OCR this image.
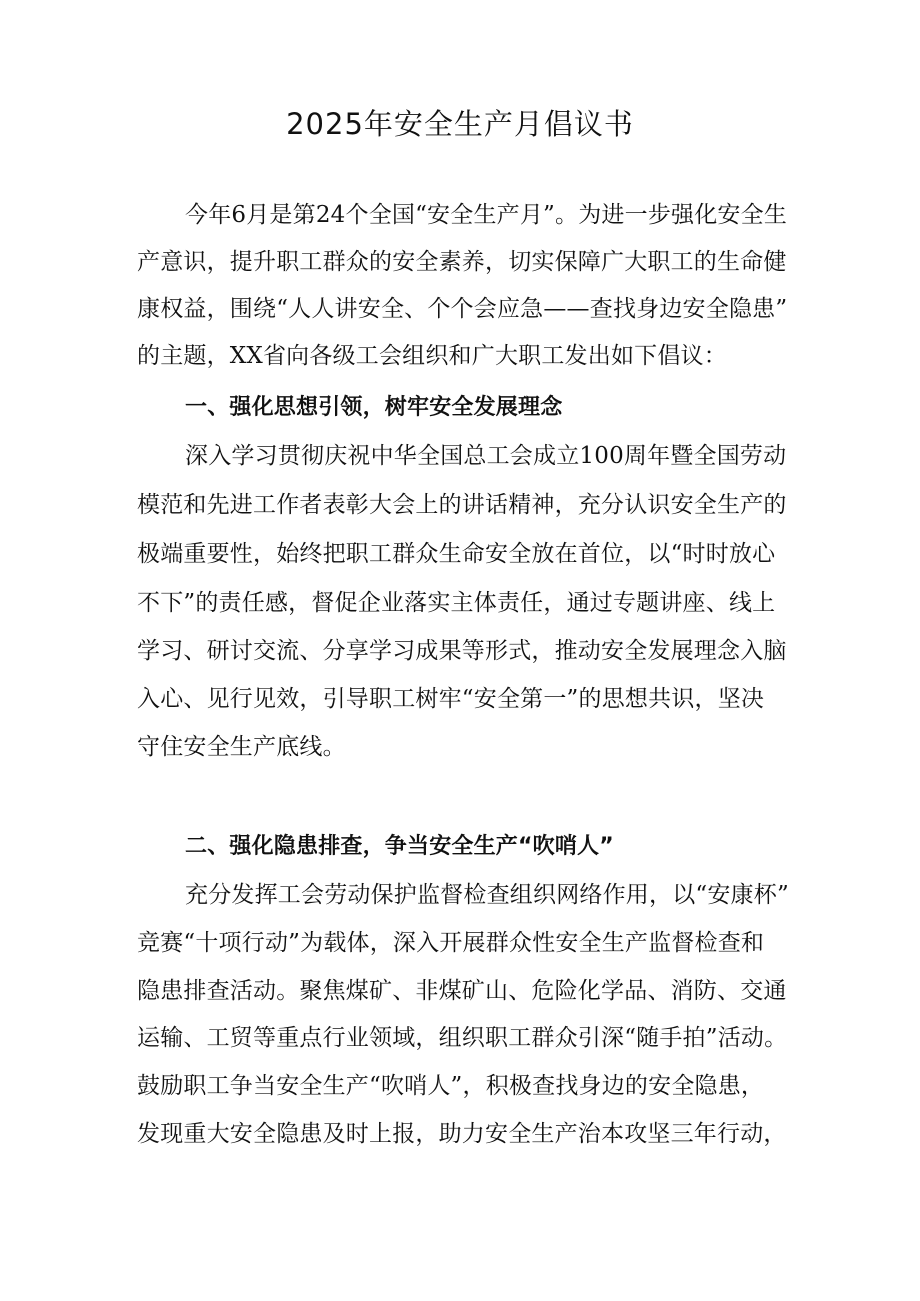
2025年安全生产月倡议书

今年6月是第24个全国“安全生产月”。为进一步强化安全生

产意识，提升职工群众的安全素养，切实保障广大职工的生命健

康权益，围绕“人人讲安全、个个会应急——查找身边安全隐患”

的主题，XX省向各级工会组织和广大职工发出如下倡议：

一、强化思想引领，树牢安全发展理念

深入学习贯彻庆祝中华全国总工会成立100周年暨全国劳动

模范和先进工作者表彰大会上的讲话精神，充分认识安全生产的

极端重要性，始终把职工群众生命安全放在首位，以“时时放心

不下”的责任感，督促企业落实主体责任，通过专题讲座、线上

学习、研讨交流、分享学习成果等形式，推动安全发展理念入脑

入心、见行见效，引导职工树牢“安全第一”的思想共识，坚决

守住安全生产底线。

二、强化隐患排查，争当安全生产“吹哨人”

充分发挥工会劳动保护监督检查组织网络作用，以“安康杯”

竞赛“十项行动”为载体，深入开展群众性安全生产监督检查和

隐患排查活动。聚焦煤矿、非煤矿山、危险化学品、消防、交通

运输、工贸等重点行业领域，组织职工群众引深“随手拍”活动。

鼓励职工争当安全生产“吹哨人”，积极查找身边的安全隐患，

发现重大安全隐患及时上报，助力安全生产治本攻坚三年行动，
